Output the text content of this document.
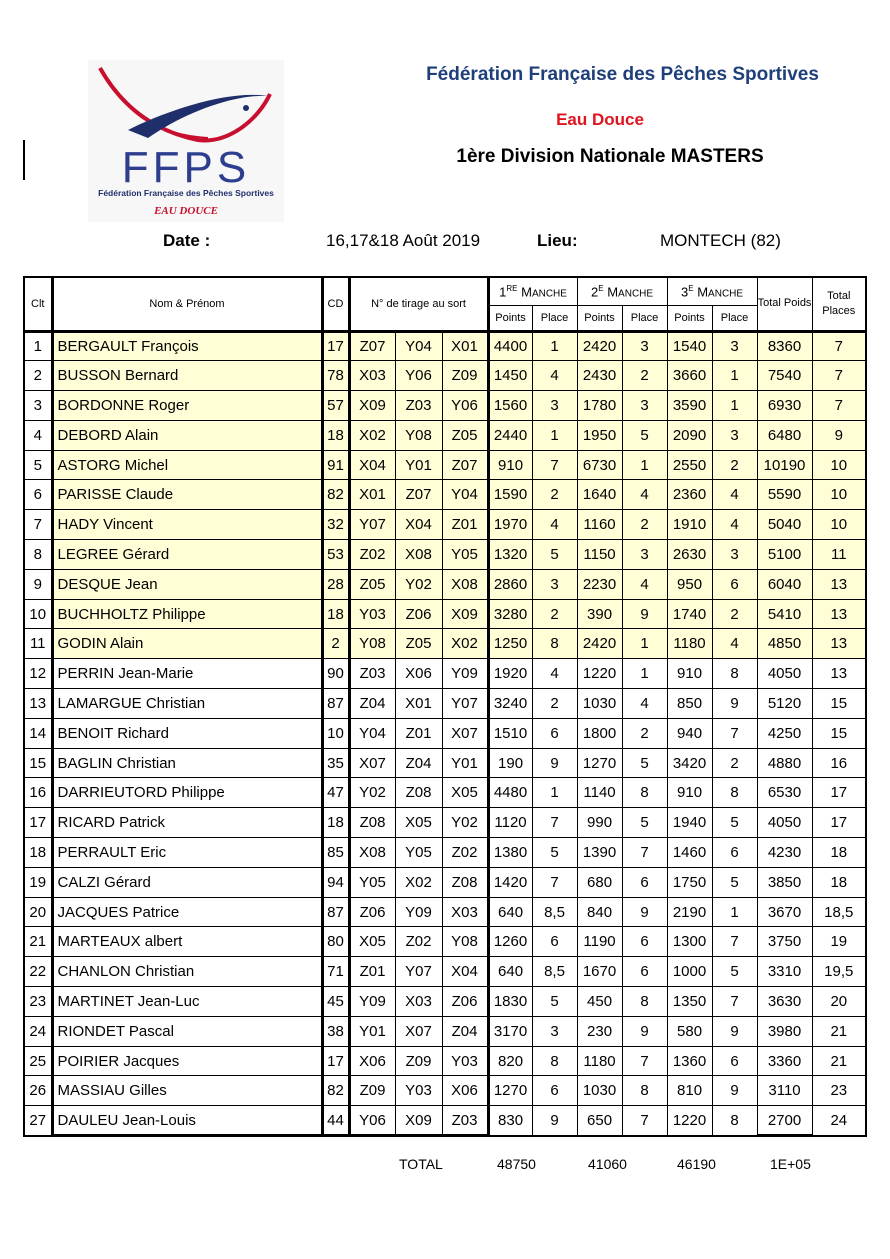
FFPS
Fédération Française des Pêches Sportives
EAU DOUCE
Fédération Française des Pêches Sportives
Eau Douce
1ère Division Nationale MASTERS
Date :	16,17&18 Août 2019	Lieu:	MONTECH (82)
Clt	Nom & Prénom	CD	N° de tirage au sort			1RE MANCHE		$2^E$ MANCHE		$3^E$ MANCHE		Total Poids	Total Places
						Points	Place	Points	Place	Points	Place		
1	BERGAULT François	17	Z07	Y04	X01	4400	1	2420	3	1540	3	8360	7
2	BUSSON Bernard	78	X03	Y06	Z09	1450	4	2430	2	3660	1	7540	7
3	BORDONNE Roger	57	X09	Z03	Y06	1560	3	1780	3	3590	1	6930	7
4	DEBORD Alain	18	X02	Y08	Z05	2440	1	1950	5	2090	3	6480	9
5	ASTORG Michel	91	X04	Y01	Z07	910	7	6730	1	2550	2	10190	10
6	PARISSE Claude	82	X01	Z07	Y04	1590	2	1640	4	2360	4	5590	10
7	HADY Vincent	32	Y07	X04	Z01	1970	4	1160	2	1910	4	5040	10
8	LEGREE Gérard	53	Z02	X08	Y05	1320	5	1150	3	2630	3	5100	11
9	DESQUE Jean	28	Z05	Y02	X08	2860	3	2230	4	950	6	6040	13
10	BUCHHOLTZ Philippe	18	Y03	Z06	X09	3280	2	390	9	1740	2	5410	13
11	GODIN Alain	2	Y08	Z05	X02	1250	8	2420	1	1180	4	4850	13
12	PERRIN Jean-Marie	90	Z03	X06	Y09	1920	4	1220	1	910	8	4050	13
13	LAMARGUE Christian	87	Z04	X01	Y07	3240	2	1030	4	850	9	5120	15
14	BENOIT Richard	10	Y04	Z01	X07	1510	6	1800	2	940	7	4250	15
15	BAGLIN Christian	35	X07	Z04	Y01	190	9	1270	5	3420	2	4880	16
16	DARRIEUTORD Philippe	47	Y02	Z08	X05	4480	1	1140	8	910	8	6530	17
17	RICARD Patrick	18	Z08	X05	Y02	1120	7	990	5	1940	5	4050	17
18	PERRAULT Eric	85	X08	Y05	Z02	1380	5	1390	7	1460	6	4230	18
19	CALZI Gérard	94	Y05	X02	Z08	1420	7	680	6	1750	5	3850	18
20	JACQUES Patrice	87	Z06	Y09	X03	640	8,5	840	9	2190	1	3670	18,5
21	MARTEAUX albert	80	X05	Z02	Y08	1260	6	1190	6	1300	7	3750	19
22	CHANLON Christian	71	Z01	Y07	X04	640	8,5	1670	6	1000	5	3310	19,5
23	MARTINET Jean-Luc	45	Y09	X03	Z06	1830	5	450	8	1350	7	3630	20
24	RIONDET Pascal	38	Y01	X07	Z04	3170	3	230	9	580	9	3980	21
25	POIRIER Jacques	17	X06	Z09	Y03	820	8	1180	7	1360	6	3360	21
26	MASSIAU Gilles	82	Z09	Y03	X06	1270	6	1030	8	810	9	3110	23
27	DAULEU Jean-Louis	44	Y06	X09	Z03	830	9	650	7	1220	8	2700	24
TOTAL	48750	41060	46190	1E+05
